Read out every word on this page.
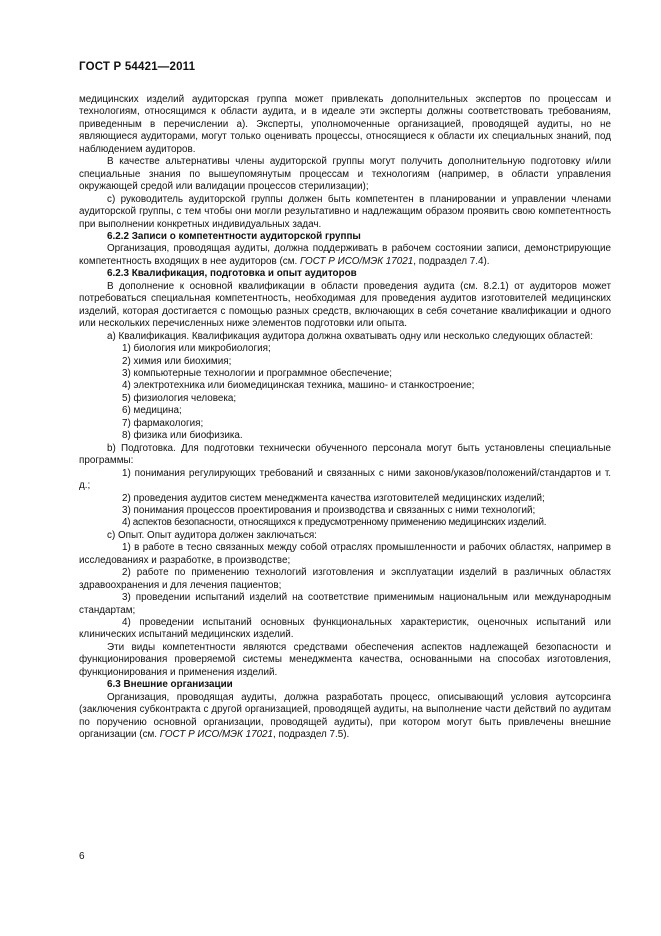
ГОСТ Р 54421—2011

медицинских изделий аудиторская группа может привлекать дополнительных экспертов по процессам и технологиям, относящимся к области аудита, и в идеале эти эксперты должны соответствовать требованиям, приведенным в перечислении а). Эксперты, уполномоченные организацией, проводящей аудиты, но не являющиеся аудиторами, могут только оценивать процессы, относящиеся к области их специальных знаний, под наблюдением аудиторов.

В качестве альтернативы члены аудиторской группы могут получить дополнительную подготовку и/или специальные знания по вышеупомянутым процессам и технологиям (например, в области управления окружающей средой или валидации процессов стерилизации);

c) руководитель аудиторской группы должен быть компетентен в планировании и управлении членами аудиторской группы, с тем чтобы они могли результативно и надлежащим образом проявить свою компетентность при выполнении конкретных индивидуальных задач.

6.2.2 Записи о компетентности аудиторской группы

Организация, проводящая аудиты, должна поддерживать в рабочем состоянии записи, демонстрирующие компетентность входящих в нее аудиторов (см. ГОСТ Р ИСО/МЭК 17021, подраздел 7.4).

6.2.3 Квалификация, подготовка и опыт аудиторов

В дополнение к основной квалификации в области проведения аудита (см. 8.2.1) от аудиторов может потребоваться специальная компетентность, необходимая для проведения аудитов изготовителей медицинских изделий, которая достигается с помощью разных средств, включающих в себя сочетание квалификации и одного или нескольких перечисленных ниже элементов подготовки или опыта.

a) Квалификация. Квалификация аудитора должна охватывать одну или несколько следующих областей:

1) биология или микробиология;

2) химия или биохимия;

3) компьютерные технологии и программное обеспечение;

4) электротехника или биомедицинская техника, машино- и станкостроение;

5) физиология человека;

6) медицина;

7) фармакология;

8) физика или биофизика.

b) Подготовка. Для подготовки технически обученного персонала могут быть установлены специальные программы:

1) понимания регулирующих требований и связанных с ними законов/указов/положений/стандартов и т. д.;

2) проведения аудитов систем менеджмента качества изготовителей медицинских изделий;

3) понимания процессов проектирования и производства и связанных с ними технологий;

4) аспектов безопасности, относящихся к предусмотренному применению медицинских изделий.

c) Опыт. Опыт аудитора должен заключаться:

1) в работе в тесно связанных между собой отраслях промышленности и рабочих областях, например в исследованиях и разработке, в производстве;

2) работе по применению технологий изготовления и эксплуатации изделий в различных областях здравоохранения и для лечения пациентов;

3) проведении испытаний изделий на соответствие применимым национальным или международным стандартам;

4) проведении испытаний основных функциональных характеристик, оценочных испытаний или клинических испытаний медицинских изделий.

Эти виды компетентности являются средствами обеспечения аспектов надлежащей безопасности и функционирования проверяемой системы менеджмента качества, основанными на способах изготовления, функционирования и применения изделий.

6.3 Внешние организации

Организация, проводящая аудиты, должна разработать процесс, описывающий условия аутсорсинга (заключения субконтракта с другой организацией, проводящей аудиты, на выполнение части действий по аудитам по поручению основной организации, проводящей аудиты), при котором могут быть привлечены внешние организации (см. ГОСТ Р ИСО/МЭК 17021, подраздел 7.5).

6
